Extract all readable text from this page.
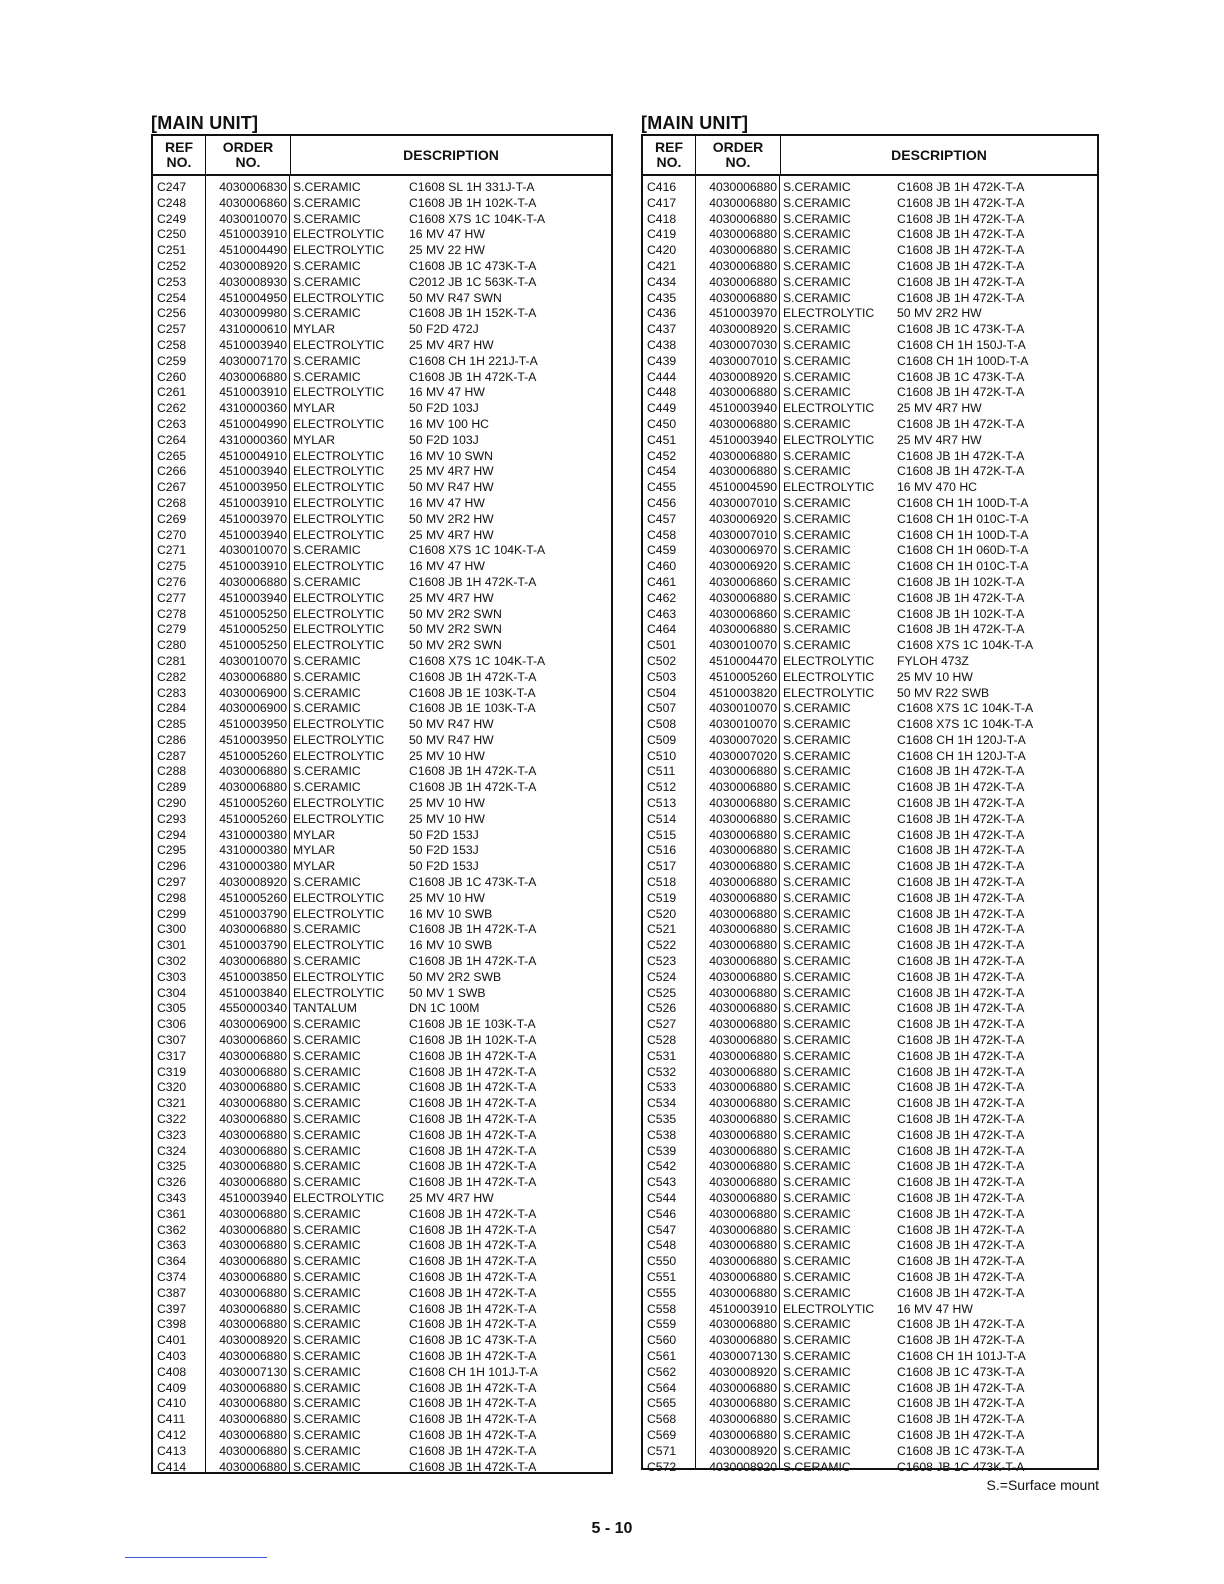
[MAIN UNIT]
REF
NO.
ORDER
NO.	DESCRIPTION
C247	4030006830 S.CERAMIC	C1608 SL 1H 331J-T-A
C248	4030006860 S.CERAMIC	C1608 JB 1H 102K-T-A
C249	4030010070 S.CERAMIC	C1608 X7S 1C 104K-T-A
C250	4510003910 ELECTROLYTIC	16 MV 47 HW
C251	4510004490 ELECTROLYTIC	25 MV 22 HW
C252	4030008920 S.CERAMIC	C1608 JB 1C 473K-T-A
C253	4030008930 S.CERAMIC	C2012 JB 1C 563K-T-A
C254	4510004950 ELECTROLYTIC	50 MV R47 SWN
C256	4030009980 S.CERAMIC	C1608 JB 1H 152K-T-A
C257	4310000610 MYLAR	50 F2D 472J
C258	4510003940 ELECTROLYTIC	25 MV 4R7 HW
C259	4030007170 S.CERAMIC	C1608 CH 1H 221J-T-A
C260	4030006880 S.CERAMIC	C1608 JB 1H 472K-T-A
C261	4510003910 ELECTROLYTIC	16 MV 47 HW
C262	4310000360 MYLAR	50 F2D 103J
C263	4510004990 ELECTROLYTIC	16 MV 100 HC
C264	4310000360 MYLAR	50 F2D 103J
C265	4510004910 ELECTROLYTIC	16 MV 10 SWN
C266	4510003940 ELECTROLYTIC	25 MV 4R7 HW
C267	4510003950 ELECTROLYTIC	50 MV R47 HW
C268	4510003910 ELECTROLYTIC	16 MV 47 HW
C269	4510003970 ELECTROLYTIC	50 MV 2R2 HW
C270	4510003940 ELECTROLYTIC	25 MV 4R7 HW
C271	4030010070 S.CERAMIC	C1608 X7S 1C 104K-T-A
C275	4510003910 ELECTROLYTIC	16 MV 47 HW
C276	4030006880 S.CERAMIC	C1608 JB 1H 472K-T-A
C277	4510003940 ELECTROLYTIC	25 MV 4R7 HW
C278	4510005250 ELECTROLYTIC	50 MV 2R2 SWN
C279	4510005250 ELECTROLYTIC	50 MV 2R2 SWN
C280	4510005250 ELECTROLYTIC	50 MV 2R2 SWN
C281	4030010070 S.CERAMIC	C1608 X7S 1C 104K-T-A
C282	4030006880 S.CERAMIC	C1608 JB 1H 472K-T-A
C283	4030006900 S.CERAMIC	C1608 JB 1E 103K-T-A
C284	4030006900 S.CERAMIC	C1608 JB 1E 103K-T-A
C285	4510003950 ELECTROLYTIC	50 MV R47 HW
C286	4510003950 ELECTROLYTIC	50 MV R47 HW
C287	4510005260 ELECTROLYTIC	25 MV 10 HW
C288	4030006880 S.CERAMIC	C1608 JB 1H 472K-T-A
C289	4030006880 S.CERAMIC	C1608 JB 1H 472K-T-A
C290	4510005260 ELECTROLYTIC	25 MV 10 HW
C293	4510005260 ELECTROLYTIC	25 MV 10 HW
C294	4310000380 MYLAR	50 F2D 153J
C295	4310000380 MYLAR	50 F2D 153J
C296	4310000380 MYLAR	50 F2D 153J
C297	4030008920 S.CERAMIC	C1608 JB 1C 473K-T-A
C298	4510005260 ELECTROLYTIC	25 MV 10 HW
C299	4510003790 ELECTROLYTIC	16 MV 10 SWB
C300	4030006880 S.CERAMIC	C1608 JB 1H 472K-T-A
C301	4510003790 ELECTROLYTIC	16 MV 10 SWB
C302	4030006880 S.CERAMIC	C1608 JB 1H 472K-T-A
C303	4510003850 ELECTROLYTIC	50 MV 2R2 SWB
C304	4510003840 ELECTROLYTIC	50 MV 1 SWB
C305	4550000340 TANTALUM	DN 1C 100M
C306	4030006900 S.CERAMIC	C1608 JB 1E 103K-T-A
C307	4030006860 S.CERAMIC	C1608 JB 1H 102K-T-A
C317	4030006880 S.CERAMIC	C1608 JB 1H 472K-T-A
C319	4030006880 S.CERAMIC	C1608 JB 1H 472K-T-A
C320	4030006880 S.CERAMIC	C1608 JB 1H 472K-T-A
C321	4030006880 S.CERAMIC	C1608 JB 1H 472K-T-A
C322	4030006880 S.CERAMIC	C1608 JB 1H 472K-T-A
C323	4030006880 S.CERAMIC	C1608 JB 1H 472K-T-A
C324	4030006880 S.CERAMIC	C1608 JB 1H 472K-T-A
C325	4030006880 S.CERAMIC	C1608 JB 1H 472K-T-A
C326	4030006880 S.CERAMIC	C1608 JB 1H 472K-T-A
C343	4510003940 ELECTROLYTIC	25 MV 4R7 HW
C361	4030006880 S.CERAMIC	C1608 JB 1H 472K-T-A
C362	4030006880 S.CERAMIC	C1608 JB 1H 472K-T-A
C363	4030006880 S.CERAMIC	C1608 JB 1H 472K-T-A
C364	4030006880 S.CERAMIC	C1608 JB 1H 472K-T-A
C374	4030006880 S.CERAMIC	C1608 JB 1H 472K-T-A
C387	4030006880 S.CERAMIC	C1608 JB 1H 472K-T-A
C397	4030006880 S.CERAMIC	C1608 JB 1H 472K-T-A
C398	4030006880 S.CERAMIC	C1608 JB 1H 472K-T-A
C401	4030008920 S.CERAMIC	C1608 JB 1C 473K-T-A
C403	4030006880 S.CERAMIC	C1608 JB 1H 472K-T-A
C408	4030007130 S.CERAMIC	C1608 CH 1H 101J-T-A
C409	4030006880 S.CERAMIC	C1608 JB 1H 472K-T-A
C410	4030006880 S.CERAMIC	C1608 JB 1H 472K-T-A
C411	4030006880 S.CERAMIC	C1608 JB 1H 472K-T-A
C412	4030006880 S.CERAMIC	C1608 JB 1H 472K-T-A
C413	4030006880 S.CERAMIC	C1608 JB 1H 472K-T-A
C414	4030006880 S.CERAMIC	C1608 JB 1H 472K-T-A
[MAIN UNIT]
REF
NO.
ORDER
NO.	DESCRIPTION
C416	4030006880 S.CERAMIC	C1608 JB 1H 472K-T-A
C417	4030006880 S.CERAMIC	C1608 JB 1H 472K-T-A
C418	4030006880 S.CERAMIC	C1608 JB 1H 472K-T-A
C419	4030006880 S.CERAMIC	C1608 JB 1H 472K-T-A
C420	4030006880 S.CERAMIC	C1608 JB 1H 472K-T-A
C421	4030006880 S.CERAMIC	C1608 JB 1H 472K-T-A
C434	4030006880 S.CERAMIC	C1608 JB 1H 472K-T-A
C435	4030006880 S.CERAMIC	C1608 JB 1H 472K-T-A
C436	4510003970 ELECTROLYTIC	50 MV 2R2 HW
C437	4030008920 S.CERAMIC	C1608 JB 1C 473K-T-A
C438	4030007030 S.CERAMIC	C1608 CH 1H 150J-T-A
C439	4030007010 S.CERAMIC	C1608 CH 1H 100D-T-A
C444	4030008920 S.CERAMIC	C1608 JB 1C 473K-T-A
C448	4030006880 S.CERAMIC	C1608 JB 1H 472K-T-A
C449	4510003940 ELECTROLYTIC	25 MV 4R7 HW
C450	4030006880 S.CERAMIC	C1608 JB 1H 472K-T-A
C451	4510003940 ELECTROLYTIC	25 MV 4R7 HW
C452	4030006880 S.CERAMIC	C1608 JB 1H 472K-T-A
C454	4030006880 S.CERAMIC	C1608 JB 1H 472K-T-A
C455	4510004590 ELECTROLYTIC	16 MV 470 HC
C456	4030007010 S.CERAMIC	C1608 CH 1H 100D-T-A
C457	4030006920 S.CERAMIC	C1608 CH 1H 010C-T-A
C458	4030007010 S.CERAMIC	C1608 CH 1H 100D-T-A
C459	4030006970 S.CERAMIC	C1608 CH 1H 060D-T-A
C460	4030006920 S.CERAMIC	C1608 CH 1H 010C-T-A
C461	4030006860 S.CERAMIC	C1608 JB 1H 102K-T-A
C462	4030006880 S.CERAMIC	C1608 JB 1H 472K-T-A
C463	4030006860 S.CERAMIC	C1608 JB 1H 102K-T-A
C464	4030006880 S.CERAMIC	C1608 JB 1H 472K-T-A
C501	4030010070 S.CERAMIC	C1608 X7S 1C 104K-T-A
C502	4510004470 ELECTROLYTIC	FYLOH 473Z
C503	4510005260 ELECTROLYTIC	25 MV 10 HW
C504	4510003820 ELECTROLYTIC	50 MV R22 SWB
C507	4030010070 S.CERAMIC	C1608 X7S 1C 104K-T-A
C508	4030010070 S.CERAMIC	C1608 X7S 1C 104K-T-A
C509	4030007020 S.CERAMIC	C1608 CH 1H 120J-T-A
C510	4030007020 S.CERAMIC	C1608 CH 1H 120J-T-A
C511	4030006880 S.CERAMIC	C1608 JB 1H 472K-T-A
C512	4030006880 S.CERAMIC	C1608 JB 1H 472K-T-A
C513	4030006880 S.CERAMIC	C1608 JB 1H 472K-T-A
C514	4030006880 S.CERAMIC	C1608 JB 1H 472K-T-A
C515	4030006880 S.CERAMIC	C1608 JB 1H 472K-T-A
C516	4030006880 S.CERAMIC	C1608 JB 1H 472K-T-A
C517	4030006880 S.CERAMIC	C1608 JB 1H 472K-T-A
C518	4030006880 S.CERAMIC	C1608 JB 1H 472K-T-A
C519	4030006880 S.CERAMIC	C1608 JB 1H 472K-T-A
C520	4030006880 S.CERAMIC	C1608 JB 1H 472K-T-A
C521	4030006880 S.CERAMIC	C1608 JB 1H 472K-T-A
C522	4030006880 S.CERAMIC	C1608 JB 1H 472K-T-A
C523	4030006880 S.CERAMIC	C1608 JB 1H 472K-T-A
C524	4030006880 S.CERAMIC	C1608 JB 1H 472K-T-A
C525	4030006880 S.CERAMIC	C1608 JB 1H 472K-T-A
C526	4030006880 S.CERAMIC	C1608 JB 1H 472K-T-A
C527	4030006880 S.CERAMIC	C1608 JB 1H 472K-T-A
C528	4030006880 S.CERAMIC	C1608 JB 1H 472K-T-A
C531	4030006880 S.CERAMIC	C1608 JB 1H 472K-T-A
C532	4030006880 S.CERAMIC	C1608 JB 1H 472K-T-A
C533	4030006880 S.CERAMIC	C1608 JB 1H 472K-T-A
C534	4030006880 S.CERAMIC	C1608 JB 1H 472K-T-A
C535	4030006880 S.CERAMIC	C1608 JB 1H 472K-T-A
C538	4030006880 S.CERAMIC	C1608 JB 1H 472K-T-A
C539	4030006880 S.CERAMIC	C1608 JB 1H 472K-T-A
C542	4030006880 S.CERAMIC	C1608 JB 1H 472K-T-A
C543	4030006880 S.CERAMIC	C1608 JB 1H 472K-T-A
C544	4030006880 S.CERAMIC	C1608 JB 1H 472K-T-A
C546	4030006880 S.CERAMIC	C1608 JB 1H 472K-T-A
C547	4030006880 S.CERAMIC	C1608 JB 1H 472K-T-A
C548	4030006880 S.CERAMIC	C1608 JB 1H 472K-T-A
C550	4030006880 S.CERAMIC	C1608 JB 1H 472K-T-A
C551	4030006880 S.CERAMIC	C1608 JB 1H 472K-T-A
C555	4030006880 S.CERAMIC	C1608 JB 1H 472K-T-A
C558	4510003910 ELECTROLYTIC	16 MV 47 HW
C559	4030006880 S.CERAMIC	C1608 JB 1H 472K-T-A
C560	4030006880 S.CERAMIC	C1608 JB 1H 472K-T-A
C561	4030007130 S.CERAMIC	C1608 CH 1H 101J-T-A
C562	4030008920 S.CERAMIC	C1608 JB 1C 473K-T-A
C564	4030006880 S.CERAMIC	C1608 JB 1H 472K-T-A
C565	4030006880 S.CERAMIC	C1608 JB 1H 472K-T-A
C568	4030006880 S.CERAMIC	C1608 JB 1H 472K-T-A
C569	4030006880 S.CERAMIC	C1608 JB 1H 472K-T-A
C571	4030008920 S.CERAMIC	C1608 JB 1C 473K-T-A
C572	4030008920 S.CERAMIC	C1608 JB 1C 473K-T-A
S.=Surface mount
5 - 10
